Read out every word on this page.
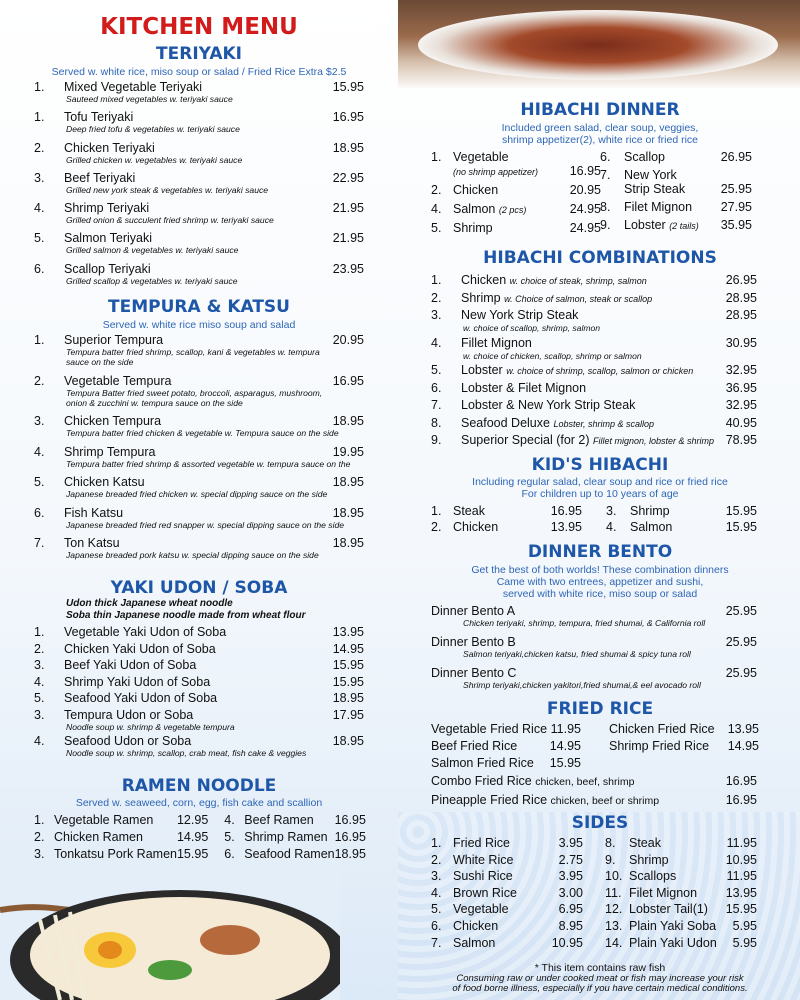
KITCHEN MENU
TERIYAKI
Served w. white rice, miso soup or salad / Fried Rice Extra $2.5
1.	Mixed Vegetable Teriyaki	15.95
Sauteed mixed vegetables w. teriyaki sauce
1.	Tofu Teriyaki	16.95
Deep fried tofu & vegetables w. teriyaki sauce
2.	Chicken Teriyaki	18.95
Grilled chicken w. vegetables w. teriyaki sauce
3.	Beef Teriyaki	22.95
Grilled new york steak & vegetables w. teriyaki sauce
4.	Shrimp Teriyaki	21.95
Grilled onion & succulent fried shrimp w. teriyaki sauce
5.	Salmon Teriyaki	21.95
Grilled salmon & vegetables w. teriyaki sauce
6.	Scallop Teriyaki	23.95
Grilled scallop & vegetables w. teriyaki sauce
TEMPURA & KATSU
Served w. white rice miso soup and salad
1.	Superior Tempura	20.95
Tempura batter fried shrimp, scallop, kani & vegetables w. tempura
sauce on the side
2.	Vegetable Tempura	16.95
Tempura Batter fried sweet potato, broccoli, asparagus, mushroom,
onion & zucchini w. tempura sauce on the side
3.	Chicken Tempura	18.95
Tempura batter fried chicken & vegetable w. Tempura sauce on the side
4.	Shrimp Tempura	19.95
Tempura batter fried shrimp & assorted vegetable w. tempura sauce on the
5.	Chicken Katsu	18.95
Japanese breaded fried chicken w. special dipping sauce on the side
6.	Fish Katsu	18.95
Japanese breaded fried red snapper w. special dipping sauce on the side
7.	Ton Katsu	18.95
Japanese breaded pork katsu w. special dipping sauce on the side
YAKI UDON / SOBA
Udon thick Japanese wheat noodle
Soba thin Japanese noodle made from wheat flour
1.	Vegetable Yaki Udon of Soba	13.95
2.	Chicken Yaki Udon of Soba	14.95
3.	Beef Yaki Udon of Soba	15.95
4.	Shrimp Yaki Udon of Soba	15.95
5.	Seafood Yaki Udon of Soba	18.95
3.	Tempura Udon or Soba	17.95
Noodle soup w. shrimp & vegetable tempura
4.	Seafood Udon or Soba	18.95
Noodle soup w. shrimp, scallop, crab meat, fish cake & veggies
RAMEN NOODLE
Served w. seaweed, corn, egg, fish cake and scallion
1. Vegetable Ramen	12.95
2. Chicken Ramen	14.95
3. Tonkatsu Pork Ramen 15.95
4. Beef Ramen	16.95
5. Shrimp Ramen 16.95
6. Seafood Ramen 18.95
HIBACHI DINNER
Included green salad, clear soup, veggies,
shrimp appetizer(2), white rice or fried rice
1. Vegetable
(no shrimp appetizer)	16.95
2. Chicken	20.95
4. Salmon (2 pcs)	24.95
5. Shrimp	24.95
6.	Scallop	26.95
7.	New York
Strip Steak	25.95
8.	Filet Mignon	27.95
9.	Lobster (2 tails)	35.95
HIBACHI COMBINATIONS
1.	Chicken w. choice of steak, shrimp, salmon	26.95
2.	Shrimp w. Choice of salmon, steak or scallop	28.95
3.	New York Strip Steak	28.95
w. choice of scallop, shrimp, salmon
4.	Fillet Mignon	30.95
w. choice of chicken, scallop, shrimp or salmon
5.	Lobster w. choice of shrimp, scallop, salmon or chicken	32.95
6.	Lobster & Filet Mignon	36.95
7.	Lobster & New York Strip Steak	32.95
8.	Seafood Deluxe Lobster, shrimp & scallop	40.95
9.	Superior Special (for 2) Fillet mignon, lobster & shrimp 78.95
KID'S HIBACHI
Including regular salad, clear soup and rice or fried rice
For children up to 10 years of age
1. Steak	16.95
2. Chicken	13.95
3.	Shrimp	15.95
4.	Salmon	15.95
DINNER BENTO
Get the best of both worlds! These combination dinners
Came with two entrees, appetizer and sushi,
served with white rice, miso soup or salad
Dinner Bento A	25.95
Chicken teriyaki, shrimp, tempura, fried shumai, & California roll
Dinner Bento B	25.95
Salmon teriyaki,chicken katsu, fried shumai & spicy tuna roll
Dinner Bento C	25.95
Shrimp teriyaki,chicken yakitori,fried shumai,& eel avocado roll
FRIED RICE
Vegetable Fried Rice 11.95 Chicken Fried Rice	13.95
Beef Fried Rice	14.95 Shrimp Fried Rice	14.95
Salmon Fried Rice	15.95
Combo Fried Rice chicken, beef, shrimp	16.95
Pineapple Fried Rice chicken, beef or shrimp	16.95
SIDES
1. Fried Rice	3.95
2. White Rice	2.75
3. Sushi Rice	3.95
4. Brown Rice	3.00
5. Vegetable	6.95
6. Chicken	8.95
7. Salmon	10.95
8.	Steak	11.95
9.	Shrimp	10.95
10. Scallops	11.95
11. Filet Mignon	13.95
12. Lobster Tail(1)	15.95
13. Plain Yaki Soba	5.95
14. Plain Yaki Udon	5.95
* This item contains raw fish
Consuming raw or under cooked meat or fish may increase your risk
of food borne illness, especially if you have certain medical conditions.
